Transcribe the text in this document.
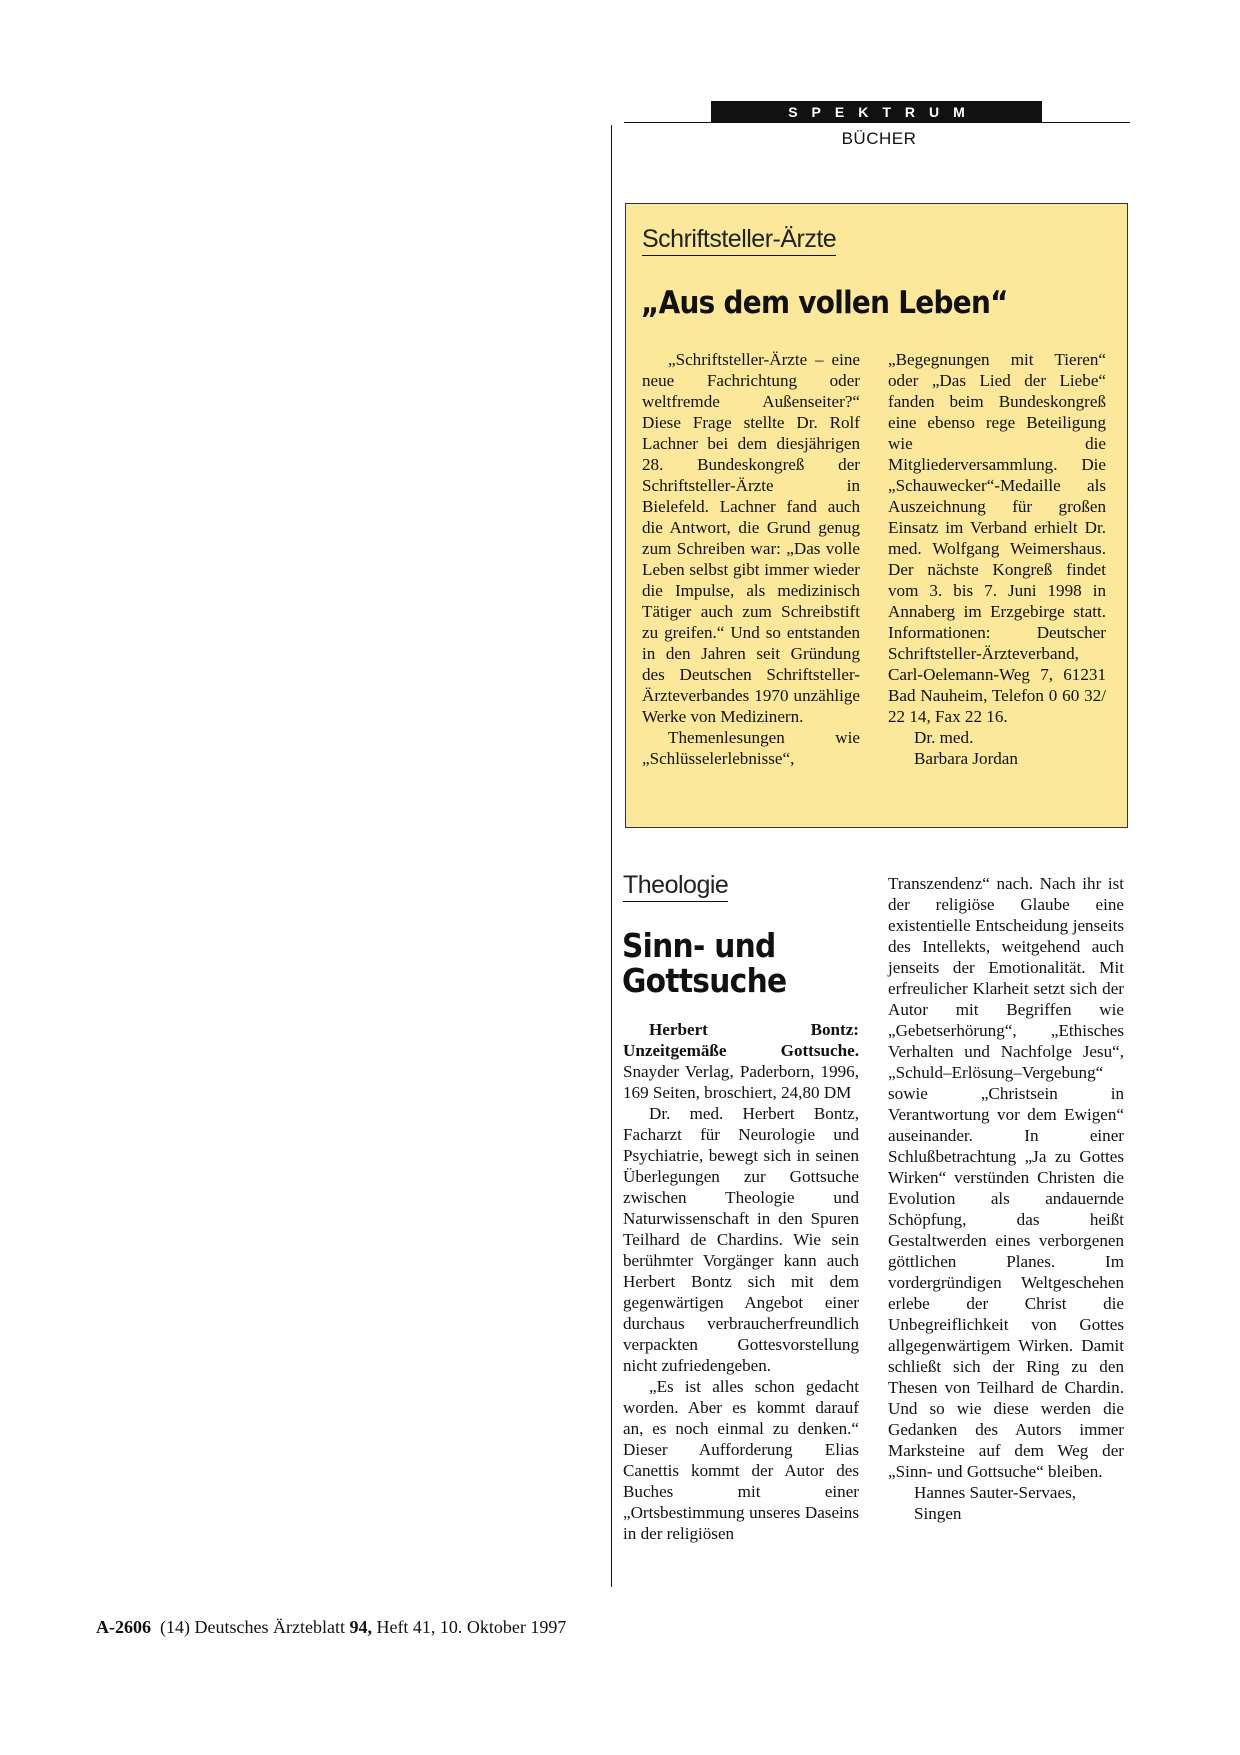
SPEKTRUM
BÜCHER
Schriftsteller-Ärzte
„Aus dem vollen Leben“

„Schriftsteller-Ärzte – eine neue Fachrichtung oder weltfremde Außenseiter?“ Diese Frage stellte Dr. Rolf Lachner bei dem diesjährigen 28. Bundeskongreß der Schriftsteller-Ärzte in Bielefeld. Lachner fand auch die Antwort, die Grund genug zum Schreiben war: „Das volle Leben selbst gibt immer wieder die Impulse, als medizinisch Tätiger auch zum Schreibstift zu greifen.“ Und so entstanden in den Jahren seit Gründung des Deutschen Schriftsteller-Ärzteverbandes 1970 unzählige Werke von Medizinern.

Themenlesungen wie „Schlüsselerlebnisse“,

„Begegnungen mit Tieren“ oder „Das Lied der Liebe“ fanden beim Bundeskongreß eine ebenso rege Beteiligung wie die Mitgliederversammlung. Die „Schauwecker“-Medaille als Auszeichnung für großen Einsatz im Verband erhielt Dr. med. Wolfgang Weimershaus. Der nächste Kongreß findet vom 3. bis 7. Juni 1998 in Annaberg im Erzgebirge statt. Informationen: Deutscher Schriftsteller-Ärzteverband, Carl-Oelemann-Weg 7, 61231 Bad Nauheim, Telefon 0 60 32/ 22 14, Fax 22 16.

Dr. med.

Barbara Jordan

Theologie
Sinn- und
Gottsuche

Herbert Bontz: Unzeitgemäße Gottsuche. Snayder Verlag, Paderborn, 1996, 169 Seiten, broschiert, 24,80 DM

Dr. med. Herbert Bontz, Facharzt für Neurologie und Psychiatrie, bewegt sich in seinen Überlegungen zur Gottsuche zwischen Theologie und Naturwissenschaft in den Spuren Teilhard de Chardins. Wie sein berühmter Vorgänger kann auch Herbert Bontz sich mit dem gegenwärtigen Angebot einer durchaus verbraucherfreundlich verpackten Gottesvorstellung nicht zufriedengeben.

„Es ist alles schon gedacht worden. Aber es kommt darauf an, es noch einmal zu denken.“ Dieser Aufforderung Elias Canettis kommt der Autor des Buches mit einer „Ortsbestimmung unseres Daseins in der religiösen

Transzendenz“ nach. Nach ihr ist der religiöse Glaube eine existentielle Entscheidung jenseits des Intellekts, weitgehend auch jenseits der Emotionalität. Mit erfreulicher Klarheit setzt sich der Autor mit Begriffen wie „Gebetserhörung“, „Ethisches Verhalten und Nachfolge Jesu“, „Schuld–Erlösung–Vergebung“ sowie „Christsein in Verantwortung vor dem Ewigen“ auseinander. In einer Schlußbetrachtung „Ja zu Gottes Wirken“ verstünden Christen die Evolution als andauernde Schöpfung, das heißt Gestaltwerden eines verborgenen göttlichen Planes. Im vordergründigen Weltgeschehen erlebe der Christ die Unbegreiflichkeit von Gottes allgegenwärtigem Wirken. Damit schließt sich der Ring zu den Thesen von Teilhard de Chardin. Und so wie diese werden die Gedanken des Autors immer Marksteine auf dem Weg der „Sinn- und Gottsuche“ bleiben.

Hannes Sauter-Servaes,

Singen

A-2606 (14) Deutsches Ärzteblatt 94, Heft 41, 10. Oktober 1997
